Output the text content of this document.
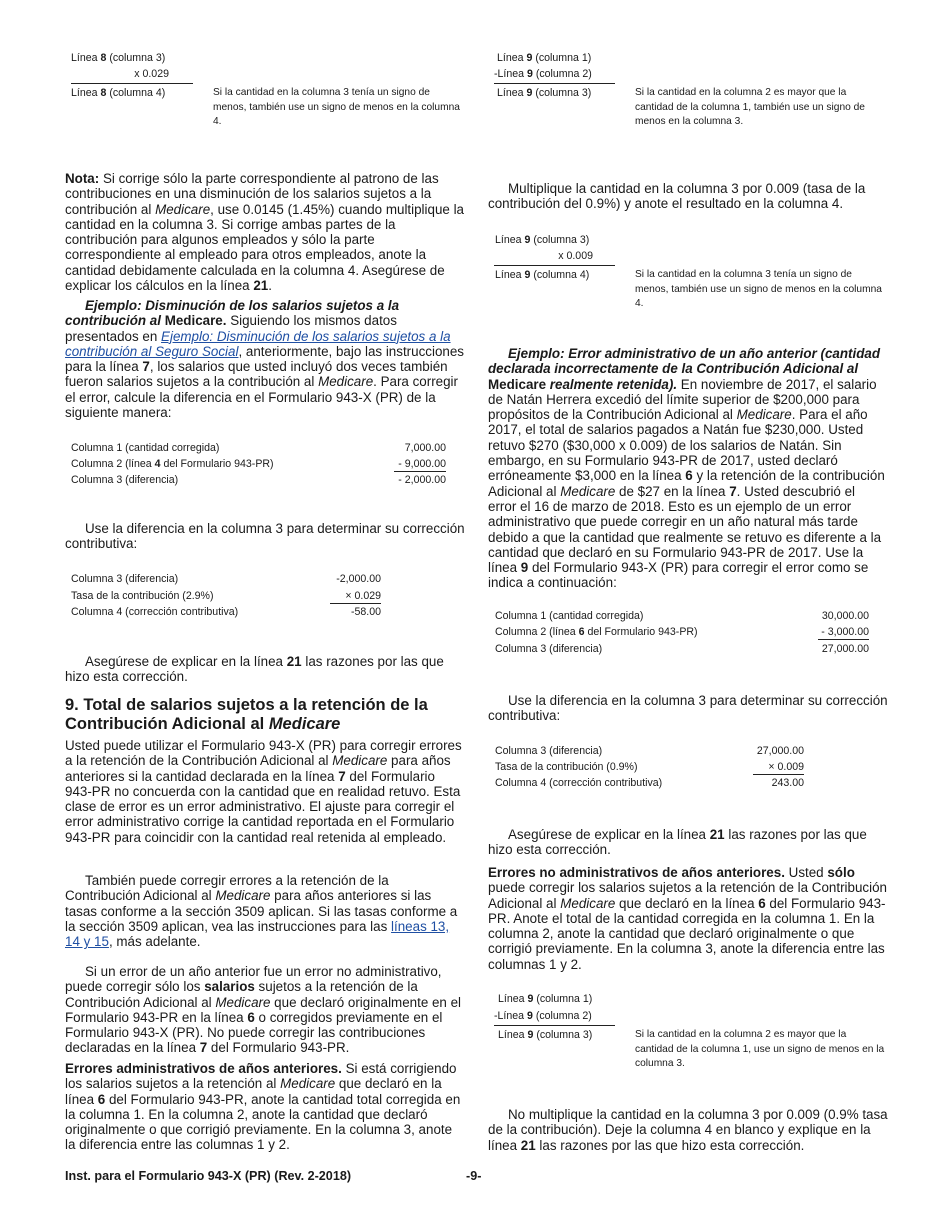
Línea 8 (columna 3)
x 0.029
Línea 8 (columna 4)	Si la cantidad en la columna 3 tenía un signo de menos, también use un signo de menos en la columna 4.

Nota: Si corrige sólo la parte correspondiente al patrono de las contribuciones en una disminución de los salarios sujetos a la contribución al Medicare, use 0.0145 (1.45%) cuando multiplique la cantidad en la columna 3. Si corrige ambas partes de la contribución para algunos empleados y sólo la parte correspondiente al empleado para otros empleados, anote la cantidad debidamente calculada en la columna 4. Asegúrese de explicar los cálculos en la línea 21.

Ejemplo: Disminución de los salarios sujetos a la contribución al Medicare. Siguiendo los mismos datos presentados en Ejemplo: Disminución de los salarios sujetos a la contribución al Seguro Social, anteriormente, bajo las instrucciones para la línea 7, los salarios que usted incluyó dos veces también fueron salarios sujetos a la contribución al Medicare. Para corregir el error, calcule la diferencia en el Formulario 943-X (PR) de la siguiente manera:

Columna 1 (cantidad corregida)	7,000.00
Columna 2 (línea 4 del Formulario 943-PR)	- 9,000.00
Columna 3 (diferencia)	- 2,000.00

Use la diferencia en la columna 3 para determinar su corrección contributiva:

Columna 3 (diferencia)	-2,000.00
Tasa de la contribución (2.9%)	× 0.029
Columna 4 (corrección contributiva)	-58.00

Asegúrese de explicar en la línea 21 las razones por las que hizo esta corrección.

9. Total de salarios sujetos a la retención de la Contribución Adicional al Medicare

Usted puede utilizar el Formulario 943-X (PR) para corregir errores a la retención de la Contribución Adicional al Medicare para años anteriores si la cantidad declarada en la línea 7 del Formulario 943-PR no concuerda con la cantidad que en realidad retuvo. Esta clase de error es un error administrativo. El ajuste para corregir el error administrativo corrige la cantidad reportada en el Formulario 943-PR para coincidir con la cantidad real retenida al empleado.

También puede corregir errores a la retención de la Contribución Adicional al Medicare para años anteriores si las tasas conforme a la sección 3509 aplican. Si las tasas conforme a la sección 3509 aplican, vea las instrucciones para las líneas 13, 14 y 15, más adelante.

Si un error de un año anterior fue un error no administrativo, puede corregir sólo los salarios sujetos a la retención de la Contribución Adicional al Medicare que declaró originalmente en el Formulario 943-PR en la línea 6 o corregidos previamente en el Formulario 943-X (PR). No puede corregir las contribuciones declaradas en la línea 7 del Formulario 943-PR.

Errores administrativos de años anteriores. Si está corrigiendo los salarios sujetos a la retención al Medicare que declaró en la línea 6 del Formulario 943-PR, anote la cantidad total corregida en la columna 1. En la columna 2, anote la cantidad que declaró originalmente o que corrigió previamente. En la columna 3, anote la diferencia entre las columnas 1 y 2.

Línea 9 (columna 1)
-Línea 9 (columna 2)
Línea 9 (columna 3)	Si la cantidad en la columna 2 es mayor que la cantidad de la columna 1, también use un signo de menos en la columna 3.

Multiplique la cantidad en la columna 3 por 0.009 (tasa de la contribución del 0.9%) y anote el resultado en la columna 4.

Línea 9 (columna 3)
x 0.009
Línea 9 (columna 4)	Si la cantidad en la columna 3 tenía un signo de menos, también use un signo de menos en la columna 4.

Ejemplo: Error administrativo de un año anterior (cantidad declarada incorrectamente de la Contribución Adicional al Medicare realmente retenida). En noviembre de 2017, el salario de Natán Herrera excedió del límite superior de $200,000 para propósitos de la Contribución Adicional al Medicare. Para el año 2017, el total de salarios pagados a Natán fue $230,000. Usted retuvo $270 ($30,000 x 0.009) de los salarios de Natán. Sin embargo, en su Formulario 943-PR de 2017, usted declaró erróneamente $3,000 en la línea 6 y la retención de la contribución Adicional al Medicare de $27 en la línea 7. Usted descubrió el error el 16 de marzo de 2018. Esto es un ejemplo de un error administrativo que puede corregir en un año natural más tarde debido a que la cantidad que realmente se retuvo es diferente a la cantidad que declaró en su Formulario 943-PR de 2017. Use la línea 9 del Formulario 943-X (PR) para corregir el error como se indica a continuación:

Columna 1 (cantidad corregida)	30,000.00
Columna 2 (línea 6 del Formulario 943-PR)	- 3,000.00
Columna 3 (diferencia)	27,000.00

Use la diferencia en la columna 3 para determinar su corrección contributiva:

Columna 3 (diferencia)	27,000.00
Tasa de la contribución (0.9%)	× 0.009
Columna 4 (corrección contributiva)	243.00

Asegúrese de explicar en la línea 21 las razones por las que hizo esta corrección.

Errores no administrativos de años anteriores. Usted sólo puede corregir los salarios sujetos a la retención de la Contribución Adicional al Medicare que declaró en la línea 6 del Formulario 943-PR. Anote el total de la cantidad corregida en la columna 1. En la columna 2, anote la cantidad que declaró originalmente o que corrigió previamente. En la columna 3, anote la diferencia entre las columnas 1 y 2.

Línea 9 (columna 1)
-Línea 9 (columna 2)
Línea 9 (columna 3)	Si la cantidad en la columna 2 es mayor que la cantidad de la columna 1, use un signo de menos en la columna 3.

No multiplique la cantidad en la columna 3 por 0.009 (0.9% tasa de la contribución). Deje la columna 4 en blanco y explique en la línea 21 las razones por las que hizo esta corrección.

Inst. para el Formulario 943-X (PR) (Rev. 2-2018)	-9-
